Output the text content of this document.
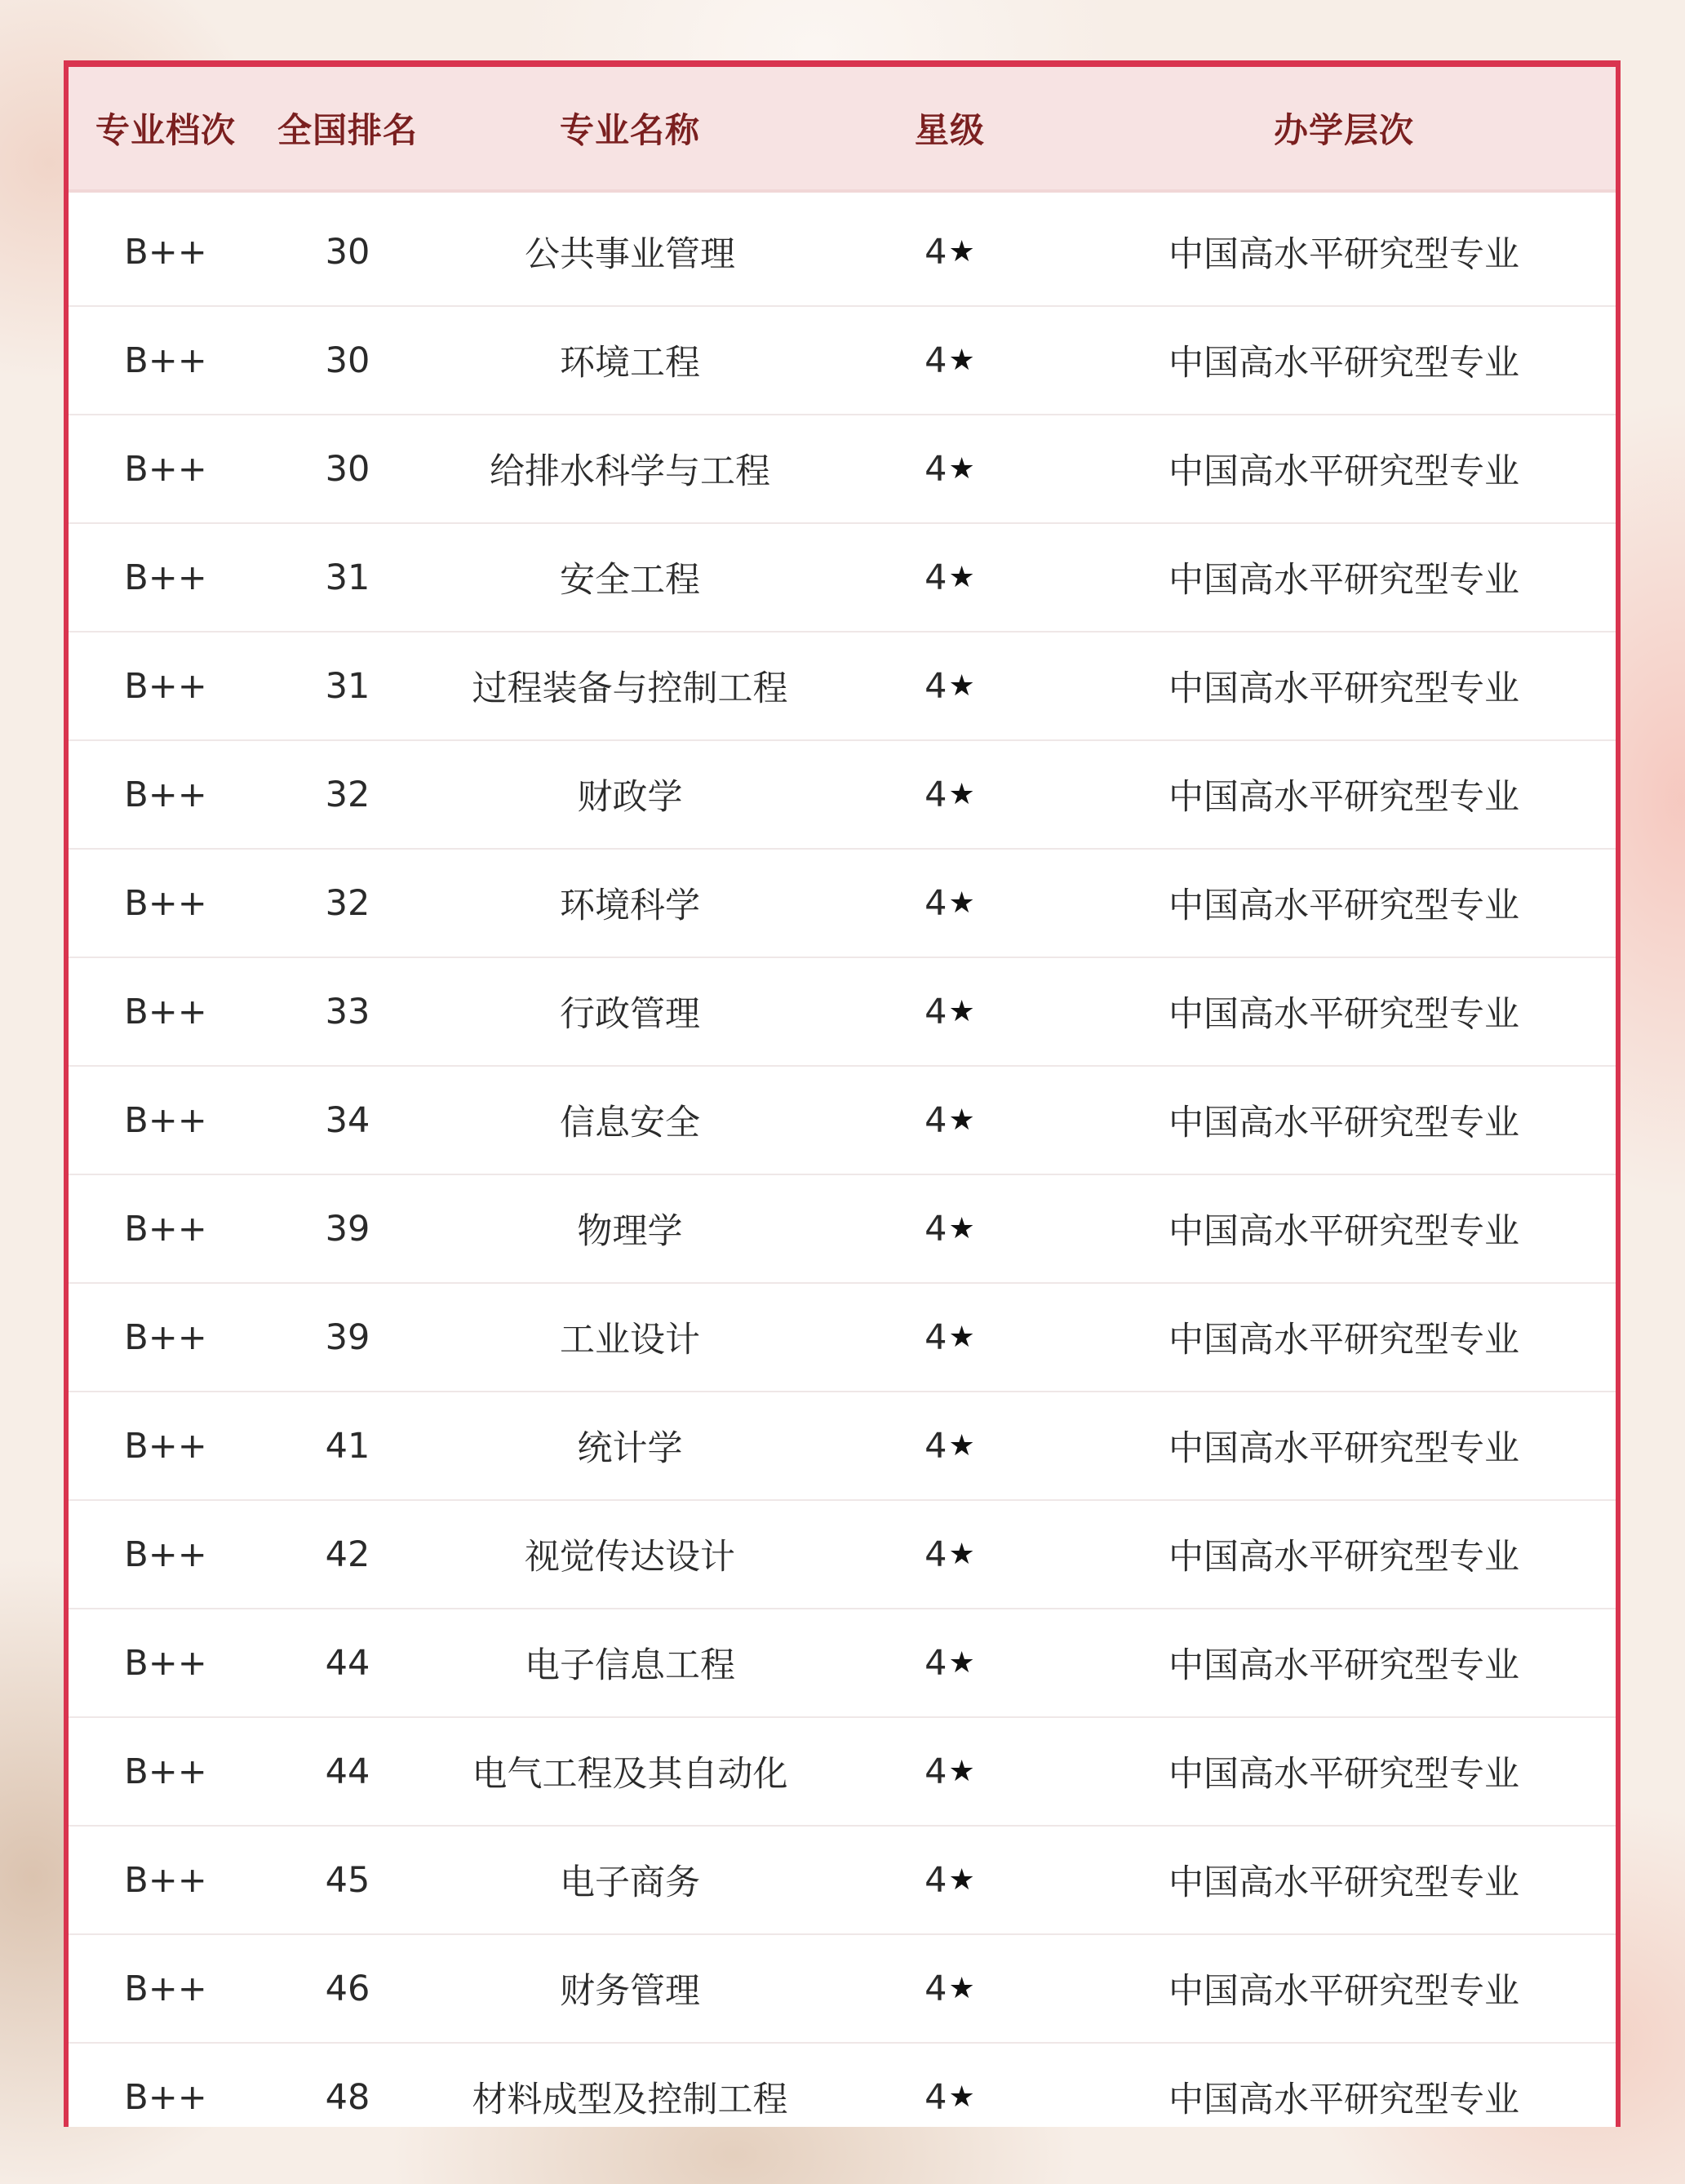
专业档次	全国排名	专业名称	星级	办学层次
B++	30	公共事业管理	4 ★	中国高水平研究型专业
B++	30	环境工程	4 ★	中国高水平研究型专业
B++	30	给排水科学与工程	4 ★	中国高水平研究型专业
B++	31	安全工程	4 ★	中国高水平研究型专业
B++	31	过程装备与控制工程	4 ★	中国高水平研究型专业
B++	32	财政学	4 ★	中国高水平研究型专业
B++	32	环境科学	4 ★	中国高水平研究型专业
B++	33	行政管理	4 ★	中国高水平研究型专业
B++	34	信息安全	4 ★	中国高水平研究型专业
B++	39	物理学	4 ★	中国高水平研究型专业
B++	39	工业设计	4 ★	中国高水平研究型专业
B++	41	统计学	4 ★	中国高水平研究型专业
B++	42	视觉传达设计	4 ★	中国高水平研究型专业
B++	44	电子信息工程	4 ★	中国高水平研究型专业
B++	44	电气工程及其自动化	4 ★	中国高水平研究型专业
B++	45	电子商务	4 ★	中国高水平研究型专业
B++	46	财务管理	4 ★	中国高水平研究型专业
B++	48	材料成型及控制工程	4 ★	中国高水平研究型专业
